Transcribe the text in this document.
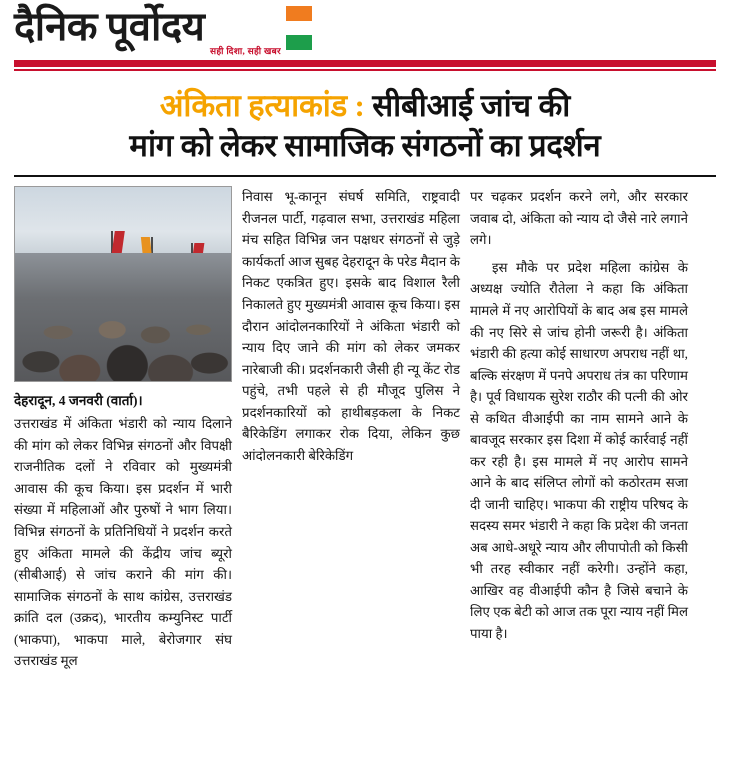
दैनिक पूर्वोदय
सही दिशा, सही खबर
अंकिता हत्याकांड : सीबीआई जांच की
मांग को लेकर सामाजिक संगठनों का प्रदर्शन
देहरादून, 4 जनवरी (वार्ता)।

उत्तराखंड में अंकिता भंडारी को न्याय दिलाने की मांग को लेकर विभिन्न संगठनों और विपक्षी राजनीतिक दलों ने रविवार को मुख्यमंत्री आवास की कूच किया। इस प्रदर्शन में भारी संख्या में महिलाओं और पुरुषों ने भाग लिया। विभिन्न संगठनों के प्रतिनिधियों ने प्रदर्शन करते हुए अंकिता मामले की केंद्रीय जांच ब्यूरो (सीबीआई) से जांच कराने की मांग की। सामाजिक संगठनों के साथ कांग्रेस, उत्तराखंड क्रांति दल (उक्रद), भारतीय कम्युनिस्ट पार्टी (भाकपा), भाकपा माले, बेरोजगार संघ उत्तराखंड मूल

निवास भू-कानून संघर्ष समिति, राष्ट्रवादी रीजनल पार्टी, गढ़वाल सभा, उत्तराखंड महिला मंच सहित विभिन्न जन पक्षधर संगठनों से जुड़े कार्यकर्ता आज सुबह देहरादून के परेड मैदान के निकट एकत्रित हुए। इसके बाद विशाल रैली निकालते हुए मुख्यमंत्री आवास कूच किया। इस दौरान आंदोलनकारियों ने अंकिता भंडारी को न्याय दिए जाने की मांग को लेकर जमकर नारेबाजी की। प्रदर्शनकारी जैसी ही न्यू केंट रोड पहुंचे, तभी पहले से ही मौजूद पुलिस ने प्रदर्शनकारियों को हाथीबड़कला के निकट बैरिकेडिंग लगाकर रोक दिया, लेकिन कुछ आंदोलनकारी बेरिकेडिंग

पर चढ़कर प्रदर्शन करने लगे, और सरकार जवाब दो, अंकिता को न्याय दो जैसे नारे लगाने लगे।

इस मौके पर प्रदेश महिला कांग्रेस के अध्यक्ष ज्योति रौतेला ने कहा कि अंकिता मामले में नए आरोपियों के बाद अब इस मामले की नए सिरे से जांच होनी जरूरी है। अंकिता भंडारी की हत्या कोई साधारण अपराध नहीं था, बल्कि संरक्षण में पनपे अपराध तंत्र का परिणाम है। पूर्व विधायक सुरेश राठौर की पत्नी की ओर से कथित वीआईपी का नाम सामने आने के बावजूद सरकार इस दिशा में कोई कार्रवाई नहीं कर रही है। इस मामले में नए आरोप सामने आने के बाद संलिप्त लोगों को कठोरतम सजा दी जानी चाहिए। भाकपा की राष्ट्रीय परिषद के सदस्य समर भंडारी ने कहा कि प्रदेश की जनता अब आधे-अधूरे न्याय और लीपापोती को किसी भी तरह स्वीकार नहीं करेगी। उन्होंने कहा, आखिर वह वीआईपी कौन है जिसे बचाने के लिए एक बेटी को आज तक पूरा न्याय नहीं मिल पाया है।
